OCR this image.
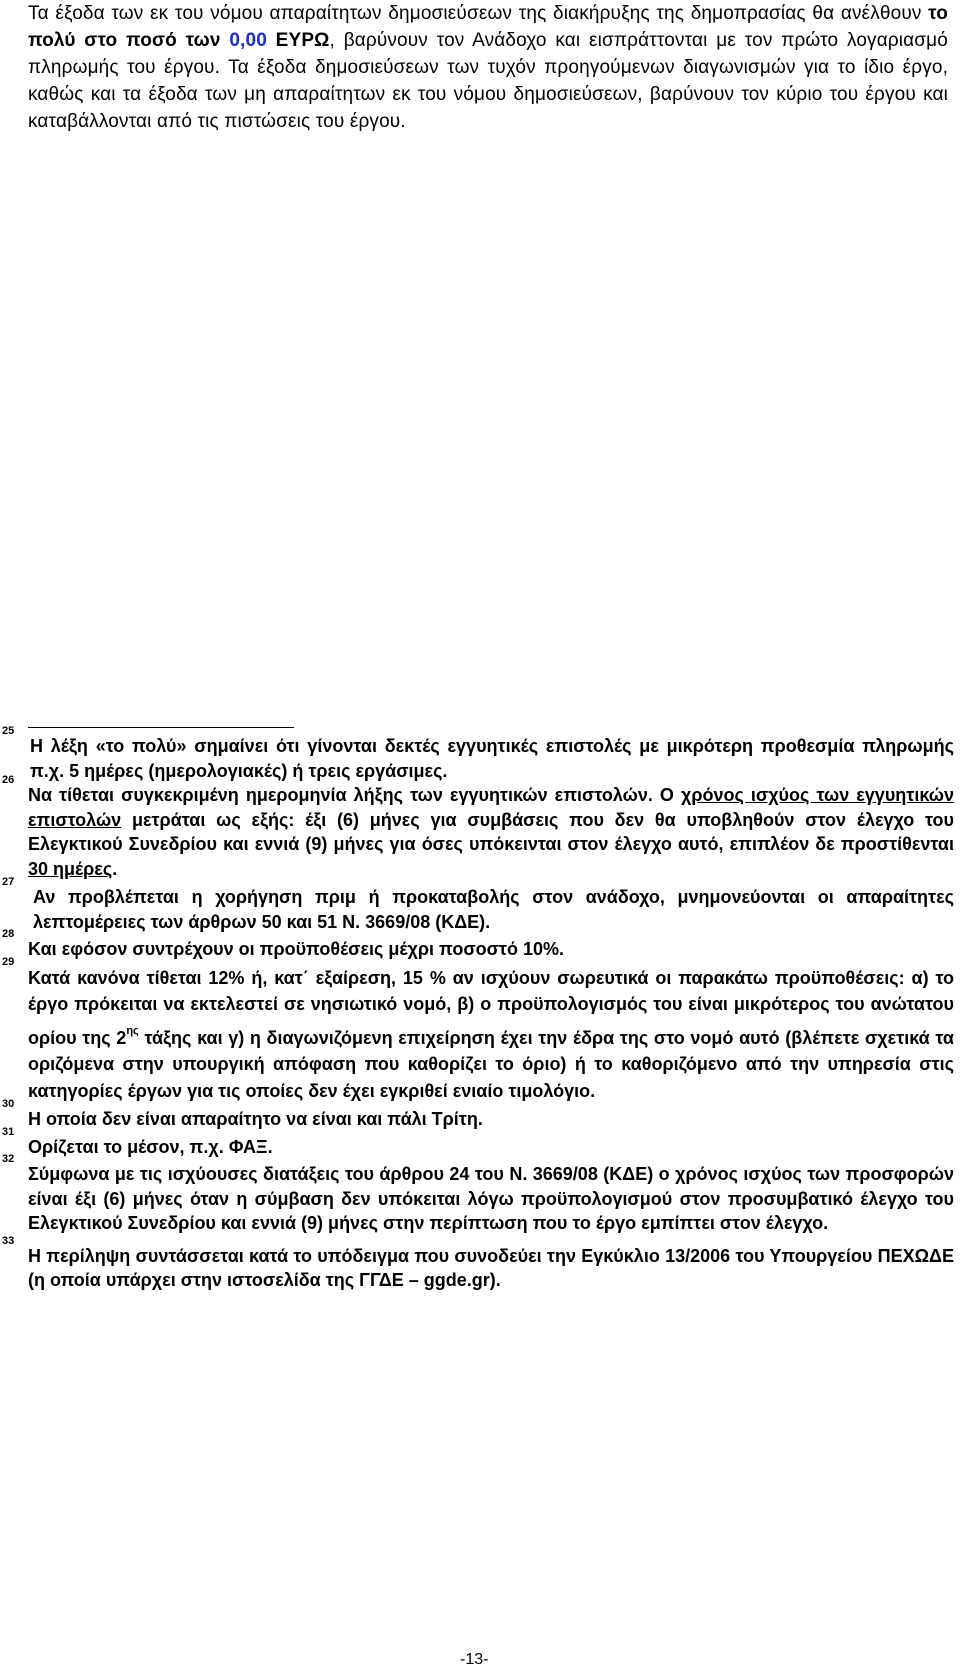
Τα έξοδα των εκ του νόμου απαραίτητων δημοσιεύσεων της διακήρυξης της δημοπρασίας θα ανέλθουν το πολύ στο ποσό των 0,00 ΕΥΡΩ, βαρύνουν τον Ανάδοχο και εισπράττονται με τον πρώτο λογαριασμό πληρωμής του έργου. Τα έξοδα δημοσιεύσεων των τυχόν προηγούμενων διαγωνισμών για το ίδιο έργο, καθώς και τα έξοδα των μη απαραίτητων εκ του νόμου δημοσιεύσεων, βαρύνουν τον κύριο του έργου και καταβάλλονται από τις πιστώσεις του έργου.

25
Η λέξη «το πολύ» σημαίνει ότι γίνονται δεκτές εγγυητικές επιστολές με μικρότερη προθεσμία πληρωμής π.χ. 5 ημέρες (ημερολογιακές) ή τρεις εργάσιμες.
26
Να τίθεται συγκεκριμένη ημερομηνία λήξης των εγγυητικών επιστολών. Ο χρόνος ισχύος των εγγυητικών επιστολών μετράται ως εξής: έξι (6) μήνες για συμβάσεις που δεν θα υποβληθούν στον έλεγχο του Ελεγκτικού Συνεδρίου και εννιά (9) μήνες για όσες υπόκεινται στον έλεγχο αυτό, επιπλέον δε προστίθενται 30 ημέρες.
27
Αν προβλέπεται η χορήγηση πριμ ή προκαταβολής στον ανάδοχο, μνημονεύονται οι απαραίτητες λεπτομέρειες των άρθρων 50 και 51 Ν. 3669/08 (ΚΔΕ).
28
Και εφόσον συντρέχουν οι προϋποθέσεις μέχρι ποσοστό 10%.
29
Κατά κανόνα τίθεται 12% ή, κατ΄ εξαίρεση, 15 % αν ισχύουν σωρευτικά οι παρακάτω προϋποθέσεις: α) το έργο πρόκειται να εκτελεστεί σε νησιωτικό νομό, β) ο προϋπολογισμός του είναι μικρότερος του ανώτατου ορίου της 2$^{\eta\varsigma}$ τάξης και γ) η διαγωνιζόμενη επιχείρηση έχει την έδρα της στο νομό αυτό (βλέπετε σχετικά τα οριζόμενα στην υπουργική απόφαση που καθορίζει το όριο) ή το καθοριζόμενο από την υπηρεσία στις κατηγορίες έργων για τις οποίες δεν έχει εγκριθεί ενιαίο τιμολόγιο.
30
Η οποία δεν είναι απαραίτητο να είναι και πάλι Τρίτη.
31
Ορίζεται το μέσον, π.χ. ΦΑΞ.
32
Σύμφωνα με τις ισχύουσες διατάξεις του άρθρου 24 του Ν. 3669/08 (ΚΔΕ) ο χρόνος ισχύος των προσφορών είναι έξι (6) μήνες όταν η σύμβαση δεν υπόκειται λόγω προϋπολογισμού στον προσυμβατικό έλεγχο του Ελεγκτικού Συνεδρίου και εννιά (9) μήνες στην περίπτωση που το έργο εμπίπτει στον έλεγχο.
33
Η περίληψη συντάσσεται κατά το υπόδειγμα που συνοδεύει την Εγκύκλιο 13/2006 του Υπουργείου ΠΕΧΩΔΕ (η οποία υπάρχει στην ιστοσελίδα της ΓΓΔΕ – ggde.gr).
-13-
